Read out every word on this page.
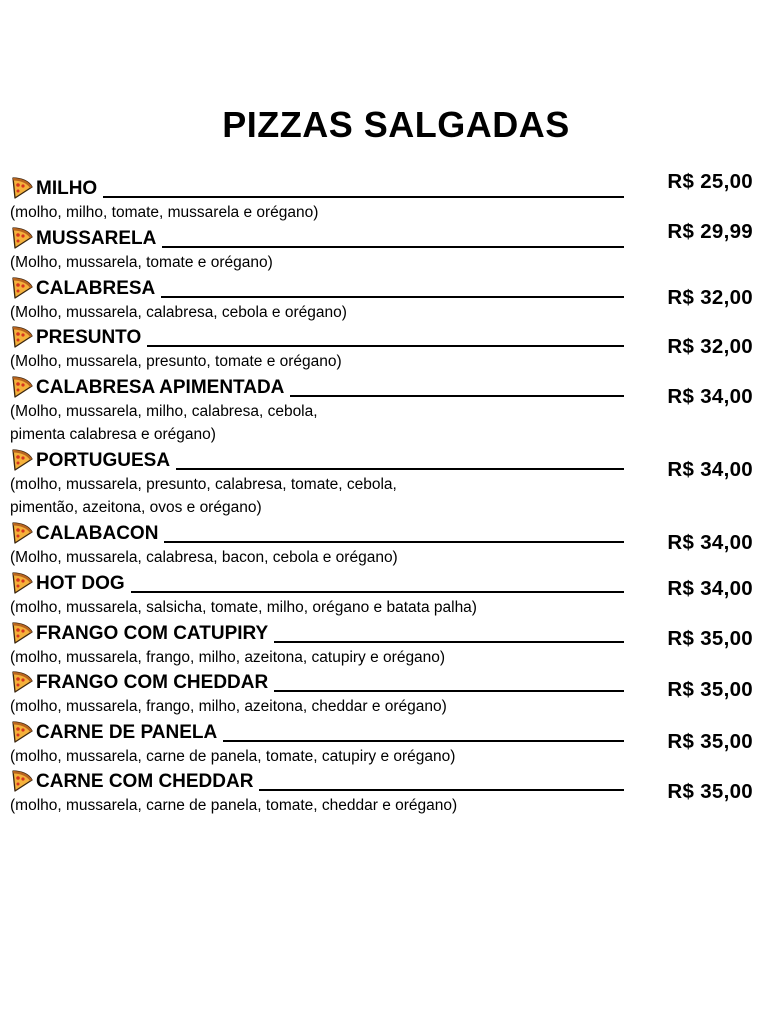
PIZZAS SALGADAS
MILHO
(molho, milho, tomate, mussarela e orégano)
R$ 25,00
MUSSARELA
(Molho, mussarela, tomate e orégano)
R$ 29,99
CALABRESA
(Molho, mussarela, calabresa, cebola e orégano)
R$ 32,00
PRESUNTO
(Molho, mussarela, presunto, tomate e orégano)
R$ 32,00
CALABRESA APIMENTADA
(Molho, mussarela, milho, calabresa, cebola,
pimenta calabresa e orégano)
R$ 34,00
PORTUGUESA
(molho, mussarela, presunto, calabresa, tomate, cebola,
pimentão, azeitona, ovos e orégano)
R$ 34,00
CALABACON
(Molho, mussarela, calabresa, bacon, cebola e orégano)
R$ 34,00
HOT DOG
(molho, mussarela, salsicha, tomate, milho, orégano e batata palha)
R$ 34,00
FRANGO COM CATUPIRY
(molho, mussarela, frango, milho, azeitona, catupiry e orégano)
R$ 35,00
FRANGO COM CHEDDAR
(molho, mussarela, frango, milho, azeitona, cheddar e orégano)
R$ 35,00
CARNE DE PANELA
(molho, mussarela, carne de panela, tomate, catupiry e orégano)
R$ 35,00
CARNE COM CHEDDAR
(molho, mussarela, carne de panela, tomate, cheddar e orégano)
R$ 35,00
